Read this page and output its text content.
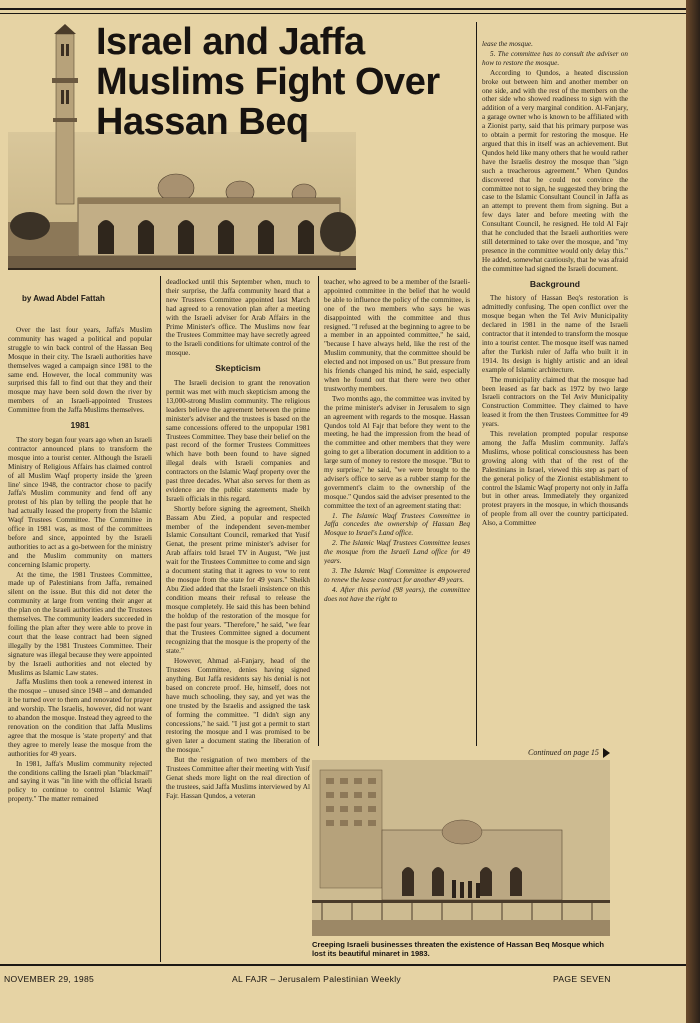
Israel and Jaffa
Muslims Fight Over
Hassan Beq
by Awad Abdel Fattah

Over the last four years, Jaffa's Muslim community has waged a political and popular struggle to win back control of the Hassan Beq Mosque in their city. The Israeli authorities have themselves waged a campaign since 1981 to the same end. However, the local community was surprised this fall to find out that they and their mosque may have been sold down the river by members of an Israeli-appointed Trustees Committee from the Jaffa Muslims themselves.

1981

The story began four years ago when an Israeli contractor announced plans to transform the mosque into a tourist center. Although the Israeli Ministry of Religious Affairs has claimed control of all Muslim Waqf property inside the 'green line' since 1948, the contractor chose to pacify Jaffa's Muslim community and fend off any protest of his plan by telling the people that he had actually leased the property from the Islamic Waqf Trustees Committee. The Committee in office in 1981 was, as most of the committees before and since, appointed by the Israeli authorities to act as a go-between for the ministry and the Muslim community on matters concerning Islamic property.

At the time, the 1981 Trustees Committee, made up of Palestinians from Jaffa, remained silent on the issue. But this did not deter the community at large from venting their anger at the plan on the Israeli authorities and the Trustees themselves. The community leaders succeeded in foiling the plan after they were able to prove in court that the lease contract had been signed illegally by the 1981 Trustees Committee. Their signature was illegal because they were appointed by the Israeli authorities and not elected by Muslims as Islamic Law states.

Jaffa Muslims then took a renewed interest in the mosque – unused since 1948 – and demanded it be turned over to them and renovated for prayer and worship. The Israelis, however, did not want to abandon the mosque. Instead they agreed to the renovation on the condition that Jaffa Muslims agree that the mosque is 'state property' and that they agree to merely lease the mosque from the authorities for 49 years.

In 1981, Jaffa's Muslim community rejected the conditions calling the Israeli plan "blackmail" and saying it was "in line with the official Israeli policy to continue to control Islamic Waqf property." The matter remained

deadlocked until this September when, much to their surprise, the Jaffa community heard that a new Trustees Committee appointed last March had agreed to a renovation plan after a meeting with the Israeli adviser for Arab Affairs in the Prime Minister's office. The Muslims now fear the Trustees Committee may have secretly agreed to the Israeli conditions for ultimate control of the mosque.

Skepticism

The Israeli decision to grant the renovation permit was met with much skepticism among the 13,000-strong Muslim community. The religious leaders believe the agreement between the prime minister's adviser and the trustees is based on the same concessions offered to the unpopular 1981 Trustees Committee. They base their belief on the past record of the former Trustees Committees which have both been found to have signed illegal deals with Israeli companies and contractors on the Islamic Waqf property over the past three decades. What also serves for them as evidence are the public statements made by Israeli officials in this regard.

Shortly before signing the agreement, Sheikh Bassam Abu Zied, a popular and respected member of the independent seven-member Islamic Consultant Council, remarked that Yusif Genat, the present prime minister's adviser for Arab affairs told Israel TV in August, "We just wait for the Trustees Committee to come and sign a document stating that it agrees to vow to rent the mosque from the state for 49 years." Sheikh Abu Zied added that the Israeli insistence on this condition means their refusal to release the mosque completely. He said this has been behind the holdup of the restoration of the mosque for the past four years. "Therefore," he said, "we fear that the Trustees Committee signed a document recognizing that the mosque is the property of the state."

However, Ahmad al-Fanjary, head of the Trustees Committee, denies having signed anything. But Jaffa residents say his denial is not based on concrete proof. He, himself, does not have much schooling, they say, and yet was the one trusted by the Israelis and assigned the task of forming the committee. "I didn't sign any concessions," he said. "I just got a permit to start restoring the mosque and I was promised to be given later a document stating the liberation of the mosque."

But the resignation of two members of the Trustees Committee after their meeting with Yusif Genat sheds more light on the real direction of the trustees, said Jaffa Muslims interviewed by Al Fajr. Hassan Qundos, a veteran

teacher, who agreed to be a member of the Israeli-appointed committee in the belief that he would be able to influence the policy of the committee, is one of the two members who says he was disappointed with the committee and thus resigned. "I refused at the beginning to agree to be a member in an appointed committee," he said, "because I have always held, like the rest of the Muslim community, that the committee should be elected and not imposed on us." But pressure from his friends changed his mind, he said, especially when he found out that there were two other trustworthy members.

Two months ago, the committee was invited by the prime minister's adviser in Jerusalem to sign an agreement with regards to the mosque. Hassan Qundos told Al Fajr that before they went to the meeting, he had the impression from the head of the committee and other members that they were going to get a liberation document in addition to a large sum of money to restore the mosque. "But to my surprise," he said, "we were brought to the adviser's office to serve as a rubber stamp for the government's claim to the ownership of the mosque." Qundos said the adviser presented to the committee the text of an agreement stating that:

1. The Islamic Waqf Trustees Committee in Jaffa concedes the ownership of Hassan Beq Mosque to Israel's Land office.

2. The Islamic Waqf Trustees Committee leases the mosque from the Israeli Land office for 49 years.

3. The Islamic Waqf Committee is empowered to renew the lease contract for another 49 years.

4. After this period (98 years), the committee does not have the right to

lease the mosque.

5. The committee has to consult the adviser on how to restore the mosque.

According to Qundos, a heated discussion broke out between him and another member on one side, and with the rest of the members on the other side who showed readiness to sign with the addition of a very marginal condition. Al-Fanjary, a garage owner who is known to be affiliated with a Zionist party, said that his primary purpose was to obtain a permit for restoring the mosque. He argued that this in itself was an achievement. But Qundos held like many others that he would rather have the Israelis destroy the mosque than "sign such a treacherous agreement." When Qundos discovered that he could not convince the committee not to sign, he suggested they bring the case to the Islamic Consultant Council in Jaffa as an attempt to prevent them from signing. But a few days later and before meeting with the Consultant Council, he resigned. He told Al Fajr that he concluded that the Israeli authorities were still determined to take over the mosque, and "my presence in the committee would only delay this." He added, somewhat cautiously, that he was afraid the committee had signed the Israeli document.

Background

The history of Hassan Beq's restoration is admittedly confusing. The open conflict over the mosque began when the Tel Aviv Municipality declared in 1981 in the name of the Israeli contractor that it intended to transform the mosque into a tourist center. The mosque itself was named after the Turkish ruler of Jaffa who built it in 1914. Its design is highly artistic and an ideal example of Islamic architecture.

The municipality claimed that the mosque had been leased as far back as 1972 by two large Israeli contractors on the Tel Aviv Municipality Construction Committee. They claimed to have leased it from the then Trustees Committee for 49 years.

This revelation prompted popular response among the Jaffa Muslim community. Jaffa's Muslims, whose political consciousness has been growing along with that of the rest of the Palestinians in Israel, viewed this step as part of the general policy of the Zionist establishment to control the Islamic Waqf property not only in Jaffa but in other areas. Immediately they organized protest prayers in the mosque, in which thousands of people from all over the country participated. Also, a Committee

Continued on page 15
Creeping Israeli businesses threaten the existence of Hassan Beq Mosque which lost its beautiful minaret in 1983.
NOVEMBER 29, 1985	AL FAJR – Jerusalem Palestinian Weekly	PAGE SEVEN
